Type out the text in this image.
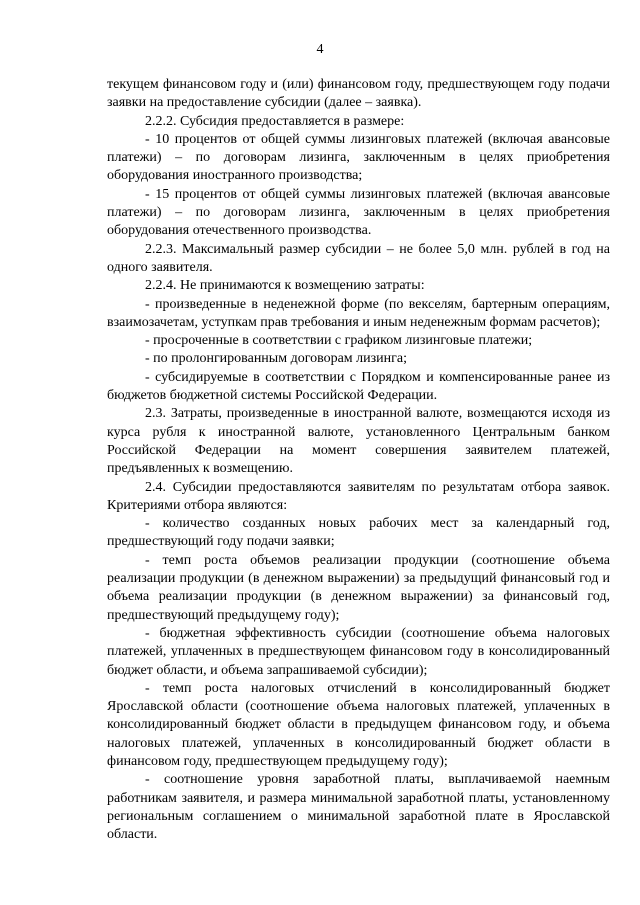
4

текущем финансовом году и (или) финансовом году, предшествующем году подачи заявки на предоставление субсидии (далее – заявка).

2.2.2. Субсидия предоставляется в размере:

- 10 процентов от общей суммы лизинговых платежей (включая авансовые платежи) – по договорам лизинга, заключенным в целях приобретения оборудования иностранного производства;

- 15 процентов от общей суммы лизинговых платежей (включая авансовые платежи) – по договорам лизинга, заключенным в целях приобретения оборудования отечественного производства.

2.2.3. Максимальный размер субсидии – не более 5,0 млн. рублей в год на одного заявителя.

2.2.4. Не принимаются к возмещению затраты:

- произведенные в неденежной форме (по векселям, бартерным операциям, взаимозачетам, уступкам прав требования и иным неденежным формам расчетов);

- просроченные в соответствии с графиком лизинговые платежи;

- по пролонгированным договорам лизинга;

- субсидируемые в соответствии с Порядком и компенсированные ранее из бюджетов бюджетной системы Российской Федерации.

2.3. Затраты, произведенные в иностранной валюте, возмещаются исходя из курса рубля к иностранной валюте, установленного Центральным банком Российской Федерации на момент совершения заявителем платежей, предъявленных к возмещению.

2.4. Субсидии предоставляются заявителям по результатам отбора заявок. Критериями отбора являются:

- количество созданных новых рабочих мест за календарный год, предшествующий году подачи заявки;

- темп роста объемов реализации продукции (соотношение объема реализации продукции (в денежном выражении) за предыдущий финансовый год и объема реализации продукции (в денежном выражении) за финансовый год, предшествующий предыдущему году);

- бюджетная эффективность субсидии (соотношение объема налоговых платежей, уплаченных в предшествующем финансовом году в консолидированный бюджет области, и объема запрашиваемой субсидии);

- темп роста налоговых отчислений в консолидированный бюджет Ярославской области (соотношение объема налоговых платежей, уплаченных в консолидированный бюджет области в предыдущем финансовом году, и объема налоговых платежей, уплаченных в консолидированный бюджет области в финансовом году, предшествующем предыдущему году);

- соотношение уровня заработной платы, выплачиваемой наемным работникам заявителя, и размера минимальной заработной платы, установленному региональным соглашением о минимальной заработной плате в Ярославской области.
